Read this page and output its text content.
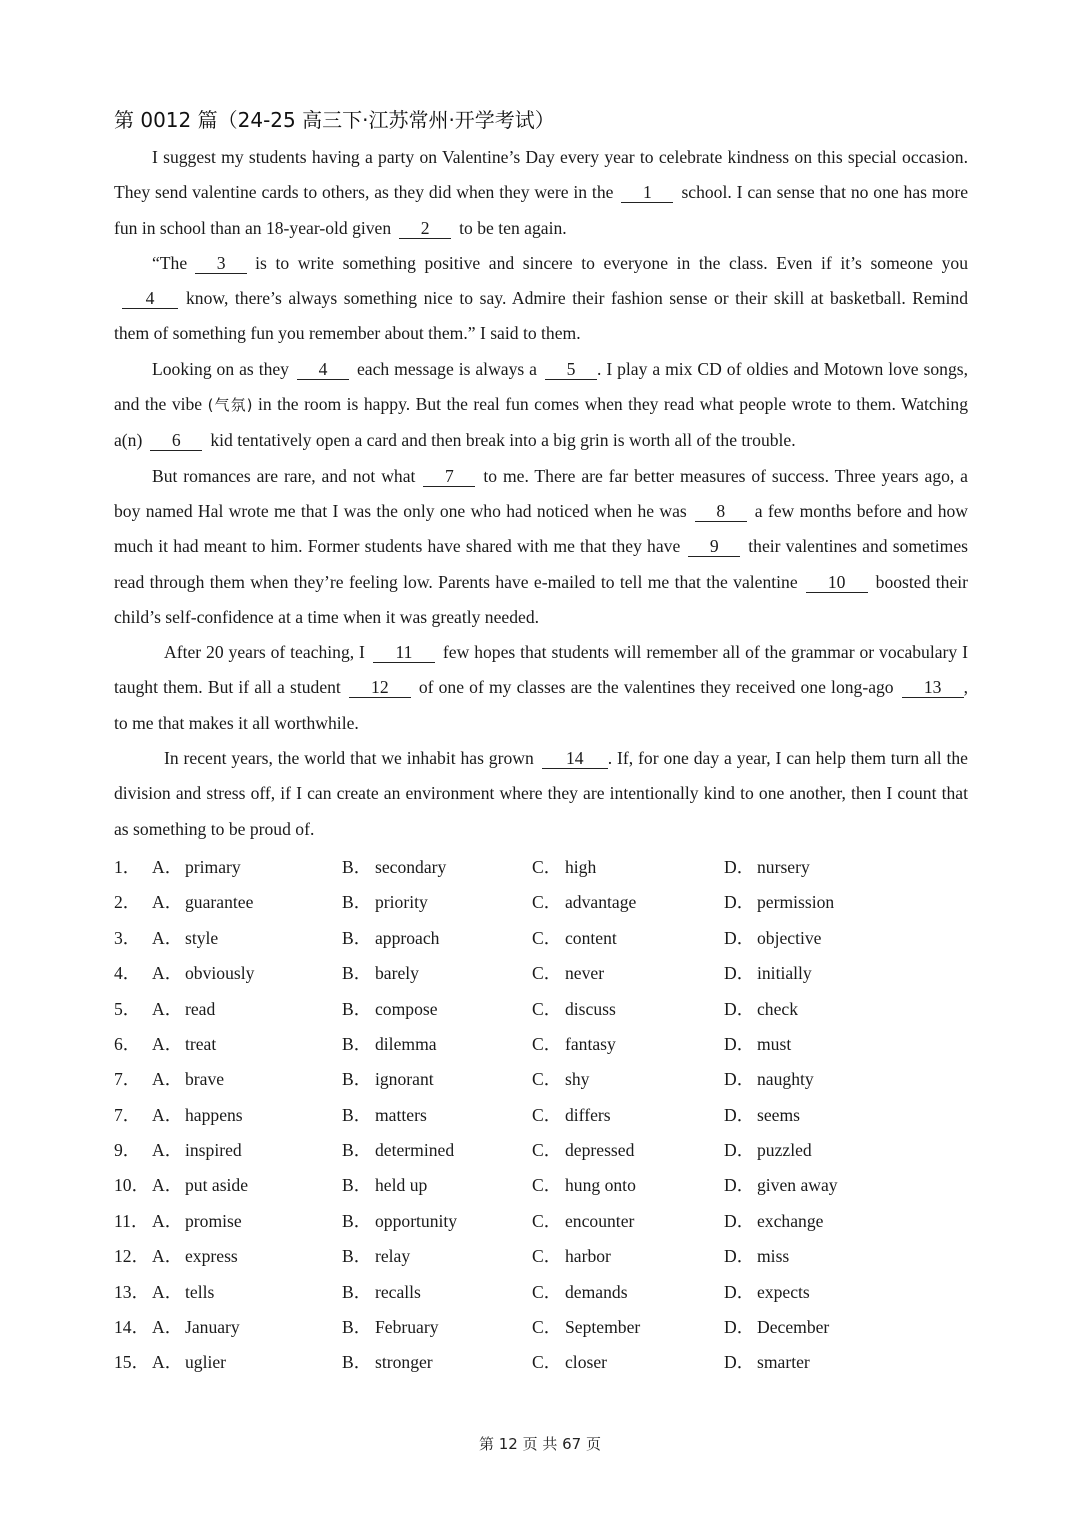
第 0012 篇（24-25 高三下·江苏常州·开学考试）

I suggest my students having a party on Valentine’s Day every year to celebrate kindness on this special occasion. They send valentine cards to others, as they did when they were in the 1 school. I can sense that no one has more fun in school than an 18-year-old given 2 to be ten again.

“The 3 is to write something positive and sincere to everyone in the class. Even if it’s someone you4 know, there’s always something nice to say. Admire their fashion sense or their skill at basketball. Remind them of something fun you remember about them.” I said to them.

Looking on as they 4 each message is always a 5 . I play a mix CD of oldies and Motown love songs, and the vibe (气氛) in the room is happy. But the real fun comes when they read what people wrote to them. Watching a(n) 6 kid tentatively open a card and then break into a big grin is worth all of the trouble.

But romances are rare, and not what 7 to me. There are far better measures of success. Three years ago, a boy named Hal wrote me that I was the only one who had noticed when he was 8 a few months before and how much it had meant to him. Former students have shared with me that they have 9 their valentines and sometimes read through them when they’re feeling low. Parents have e-mailed to tell me that the valentine 10 boosted their child’s self-confidence at a time when it was greatly needed.

After 20 years of teaching, I 11 few hopes that students will remember all of the grammar or vocabulary I taught them. But if all a student 12 of one of my classes are the valentines they received one long-ago 13 , to me that makes it all worthwhile.

In recent years, the world that we inhabit has grown 14 . If, for one day a year, I can help them turn all the division and stress off, if I can create an environment where they are intentionally kind to one another, then I count that as something to be proud of.

1． A． primary	B． secondary	C． high	D． nursery
2． A． guarantee	B． priority	C． advantage	D． permission
3． A． style	B． approach	C． content	D． objective
4． A． obviously	B． barely	C． never	D． initially
5． A． read	B． compose	C． discuss	D． check
6． A． treat	B． dilemma	C． fantasy	D． must
7． A． brave	B． ignorant	C． shy	D． naughty
7． A． happens	B． matters	C． differs	D． seems
9． A． inspired	B． determined	C． depressed	D． puzzled
10． A． put aside	B． held up	C． hung onto	D． given away
11． A． promise	B． opportunity	C． encounter	D． exchange
12． A． express	B． relay	C． harbor	D． miss
13． A． tells	B． recalls	C． demands	D． expects
14． A． January	B． February	C． September	D． December
15． A． uglier	B． stronger	C． closer	D． smarter
第 12 页 共 67 页
